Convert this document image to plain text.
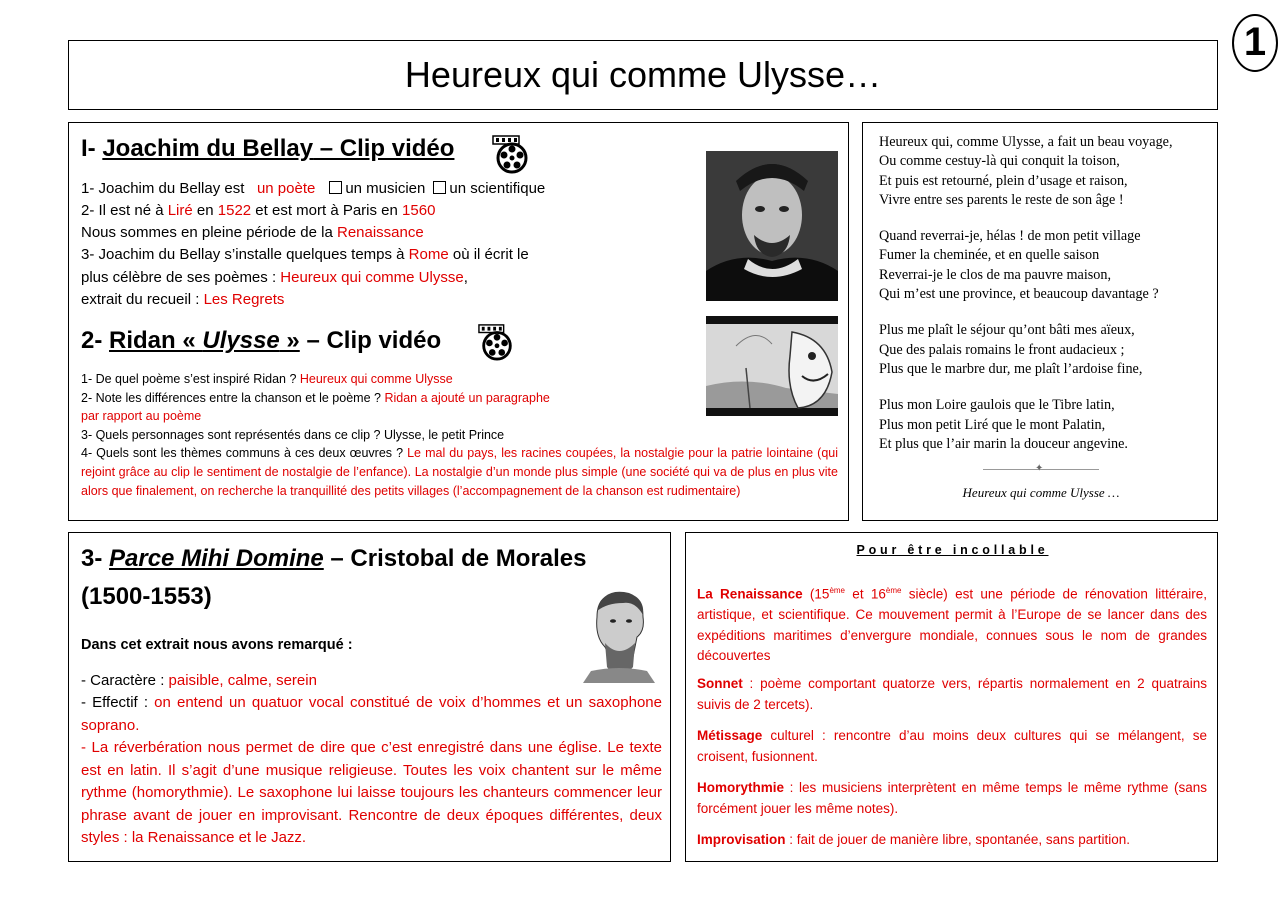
Heureux qui comme Ulysse…
1
I- Joachim du Bellay – Clip vidéo
1- Joachim du Bellay est un poète un musicien un scientifique
2- Il est né à Liré en 1522 et est mort à Paris en 1560
Nous sommes en pleine période de la Renaissance
3- Joachim du Bellay s’installe quelques temps à Rome où il écrit le
plus célèbre de ses poèmes : Heureux qui comme Ulysse,
extrait du recueil : Les Regrets
2- Ridan « Ulysse » – Clip vidéo
1- De quel poème s’est inspiré Ridan ? Heureux qui comme Ulysse
2- Note les différences entre la chanson et le poème ? Ridan a ajouté un paragraphe
par rapport au poème
3- Quels personnages sont représentés dans ce clip ? Ulysse, le petit Prince
4- Quels sont les thèmes communs à ces deux œuvres ? Le mal du pays, les racines coupées, la nostalgie pour la patrie lointaine (qui rejoint grâce au clip le sentiment de nostalgie de l’enfance). La nostalgie d’un monde plus simple (une société qui va de plus en plus vite alors que finalement, on recherche la tranquillité des petits villages (l’accompagnement de la chanson est rudimentaire)
Heureux qui, comme Ulysse, a fait un beau voyage,
Ou comme cestuy-là qui conquit la toison,
Et puis est retourné, plein d’usage et raison,
Vivre entre ses parents le reste de son âge !
Quand reverrai-je, hélas ! de mon petit village
Fumer la cheminée, et en quelle saison
Reverrai-je le clos de ma pauvre maison,
Qui m’est une province, et beaucoup davantage ?
Plus me plaît le séjour qu’ont bâti mes aïeux,
Que des palais romains le front audacieux ;
Plus que le marbre dur, me plaît l’ardoise fine,
Plus mon Loire gaulois que le Tibre latin,
Plus mon petit Liré que le mont Palatin,
Et plus que l’air marin la douceur angevine.
✦
Heureux qui comme Ulysse …
3- Parce Mihi Domine – Cristobal de Morales
(1500-1553)
Dans cet extrait nous avons remarqué :
- Caractère : paisible, calme, serein
- Effectif : on entend un quatuor vocal constitué de voix d’hommes et un saxophone soprano.
- La réverbération nous permet de dire que c’est enregistré dans une église. Le texte est en latin. Il s’agit d’une musique religieuse. Toutes les voix chantent sur le même rythme (homorythmie). Le saxophone lui laisse toujours les chanteurs commencer leur phrase avant de jouer en improvisant. Rencontre de deux époques différentes, deux styles : la Renaissance et le Jazz.
Pour être incollable
La Renaissance (15ème et 16ème siècle) est une période de rénovation littéraire, artistique, et scientifique. Ce mouvement permit à l’Europe de se lancer dans des expéditions maritimes d’envergure mondiale, connues sous le nom de grandes découvertes
Sonnet : poème comportant quatorze vers, répartis normalement en 2 quatrains suivis de 2 tercets).
Métissage culturel : rencontre d’au moins deux cultures qui se mélangent, se croisent, fusionnent.
Homorythmie : les musiciens interprètent en même temps le même rythme (sans forcément jouer les même notes).
Improvisation : fait de jouer de manière libre, spontanée, sans partition.
